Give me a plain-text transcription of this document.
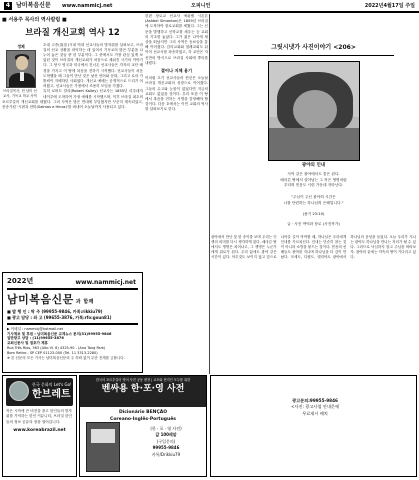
4 남미복음신문 www.nammicj.net	오피니언	2022년4월17일 주일
■ 서용주 목사의 역사칼럼 ■
브라질 개신교회 역사 12
정체
브라질목사, 현 남미 선교사, 기독교 학교 사역

초대 고종(高宗)시대 역대 선교사들의 발자취를 살펴보고, 브라질의 선교 상황을 파악하는 데 있어서 기독교의 많은 부분을 나누어 놓은 것들 중 한 부분이다. 그 중에서도 가장 관심 있게 보았던 것이 브라질의 개신교회가 처음으로 세워진 시기의 이야기다. 그 당시 영국과 미국에서 건너온 선교사들은 각자의 교단 배경을 가지고 이 땅에 복음을 전하기 시작했다. 선교사들이 처음 도착했을 때 그들이 만난 것은 낯선 언어와 문화, 그리고 로마 가톨릭이 지배하던 사회였다. 개신교 예배는 공개적으로 드리기 어려웠고, 선교사들은 가정에서 조용히 모임을 가졌다.

특히 로버트 칼리(Robert Kalley) 선교사는 1855년 리우데자네이루에 도착하여 가정 예배를 시작했으며, 이후 브라질 최초의 포르투갈어 개신교회를 세웠다. 그의 사역은 많은 반대에 부딪혔지만 꾸준히 계속되었고, 찬송가집 '시편과 찬미(Salmos e Hinos)'를 펴내어 오늘날까지 사용되고 있다.

한편 장로교 선교사 애쉬벨 시몬톤(Ashbel Simonton)은 1859년 브라질에 도착하여 장로교회를 세웠다. 그는 신문을 발행하고 신학교를 세우는 등 교회의 기초를 놓았다. 그가 젊은 나이에 세상을 떠났지만 그의 사역은 동료들을 통해 이어졌다. 감리교회와 침례교회도 뒤이어 선교사를 파송하였고, 각 교단은 자신만의 방식으로 브라질 사회에 뿌리를 내렸다.

결어나 지체 용기

이처럼 초기 선교사들의 헌신은 오늘날 브라질 개신교회의 성장으로 이어졌다. 그들의 수고와 눈물이 없었다면 지금의 교회도 없었을 것이다. 우리 또한 이 땅에서 복음을 전하는 사명을 감당해야 할 것이다. 다음 호에서는 이민 교회의 역사를 살펴보기로 한다.

2022년	www.nammicj.net
남미복음신문 과 함께
■ 발 행 인 : 탁 주 (99955-9846, 카톡:rikkiu79)
■ 광고 담당 : 좌 고 (99655-3876, 카톡:rfo:goun81)
▶ 이메일 : nammicj@hotmail.net
기사제보 및 후원 : 남미복음신문 교계뉴스 문의(31)99955-9846
일반광고 상담 : (11)99655-3876
교회신문사 및 점포가 제휴
Rua Três Rios, 363 (Alto Vl. 6) 4325-90 - (Ano Tang Park)
Bom Retiro - SP CEP 01123-000 (Tel. 11 3313-2280)
※ 본 신문의 모든 기사는 남미복음신문의 주 허락 없이 무단 전재를 금합니다.
한국 문화의 Let's Go!
한브레트
작은 시작에 큰 비전을 품고 한인들의 발자취를 기억하는 한인 커뮤니티, 브라질 한인들의 정보 공유의 장을 열어갑니다.
www.koreabrazil.net
한국어 포르투갈어 영어 사전 공동 편찬 | 교포와 현지인 모두를 위한
벤싸용 한·포·영 사전
Dicionário BENÇÃO
Coreano·Inglês·Português
(한 · 포 · 영 사전)
값 100레알
(구입문의)
99955-9846
카톡/Drikkiu79
그릿시냇가 사진이야기 <206>
광야의 인내
사막 같은 광야에서도 꽃은 핀다.
메마른 땅에서 살아남는 그 작은 생명처럼
우리의 믿음도 시련 가운데 자라난다.

"주님이 주신 광야의 시간은
나를 단련하는 하나님의 은혜입니다."

(욥기 23:10)
글 · 사진 박덕화 장로 (사진작가)
광야에서 만난 꽃 한 송이를 보며 우리는 인생의 의미를 다시 생각하게 된다. 메마른 땅에서도 생명은 피어나고, 그 생명은 누군가에게 위로가 된다. 우리 삶에도 광야 같은 시간이 있다. 아무것도 보이지 않고 앞으로 나아갈 길이 막막할 때, 하나님은 우리에게 인내를 가르치신다. 인내는 단순히 참는 것이 아니라 소망을 붙드는 것이다. 믿음의 선배들도 광야를 지나며 하나님을 더 깊이 만났다. 모세도, 다윗도, 엘리야도 광야에서 하나님의 음성을 들었다. 오늘 우리가 지나는 광야도 하나님을 만나는 자리가 될 수 있다. 그러므로 낙심하지 말고 주님을 바라보자. 광야의 끝에는 약속의 땅이 기다리고 있다.
광고문의:99955-9846
<사진: 광고사업 안내문에
무료제시 배치
